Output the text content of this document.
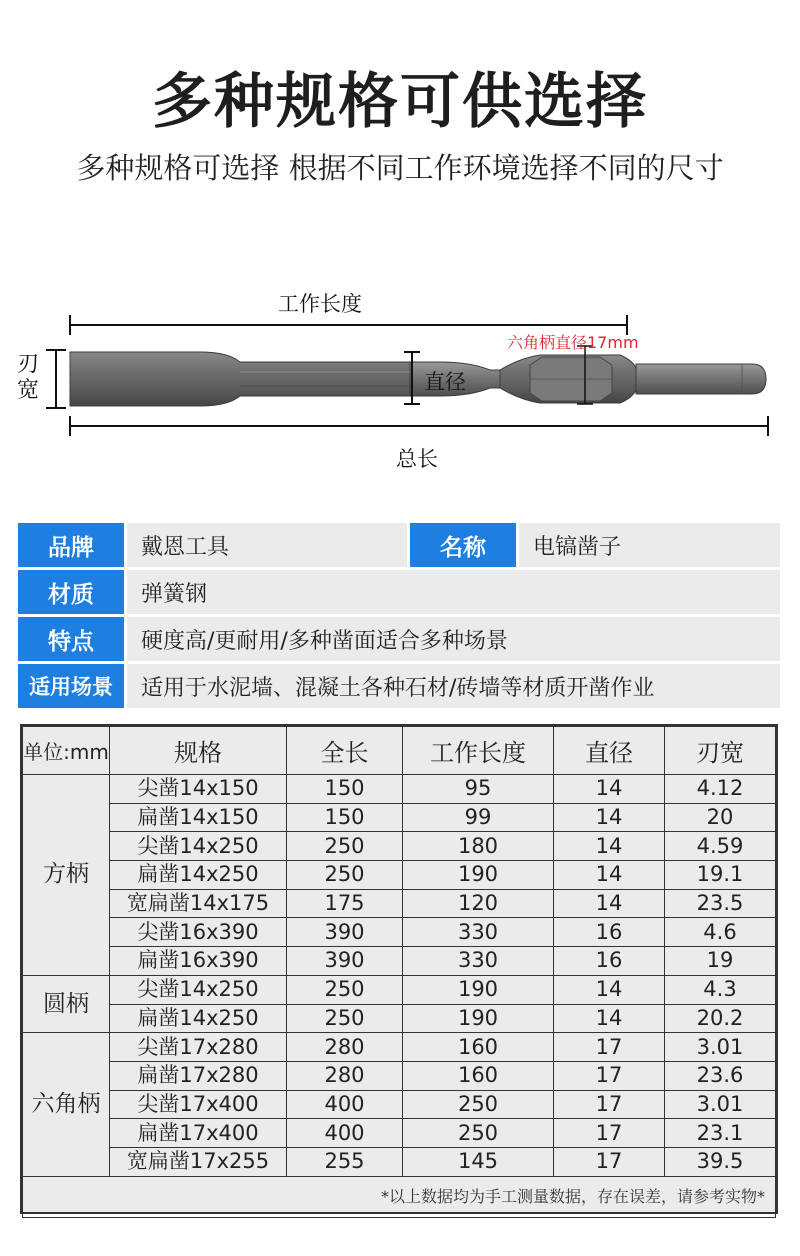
多种规格可供选择
多种规格可选择 根据不同工作环境选择不同的尺寸
工作长度
六角柄直径17mm
直径
刃宽
总长
品牌	戴恩工具	名称	电镐凿子
材质	弹簧钢
特点	硬度高/更耐用/多种凿面适合多种场景
适用场景	适用于水泥墙、混凝土各种石材/砖墙等材质开凿作业
单位:mm	规格	全长	工作长度	直径	刃宽
方柄	尖凿14x150	150	95	14	4.12
	扁凿14x150	150	99	14	20
	尖凿14x250	250	180	14	4.59
	扁凿14x250	250	190	14	19.1
	宽扁凿14x175	175	120	14	23.5
	尖凿16x390	390	330	16	4.6
	扁凿16x390	390	330	16	19
圆柄	尖凿14x250	250	190	14	4.3
	扁凿14x250	250	190	14	20.2
六角柄	尖凿17x280	280	160	17	3.01
	扁凿17x280	280	160	17	23.6
	尖凿17x400	400	250	17	3.01
	扁凿17x400	400	250	17	23.1
	宽扁凿17x255	255	145	17	39.5
*以上数据均为手工测量数据，存在误差，请参考实物*					
